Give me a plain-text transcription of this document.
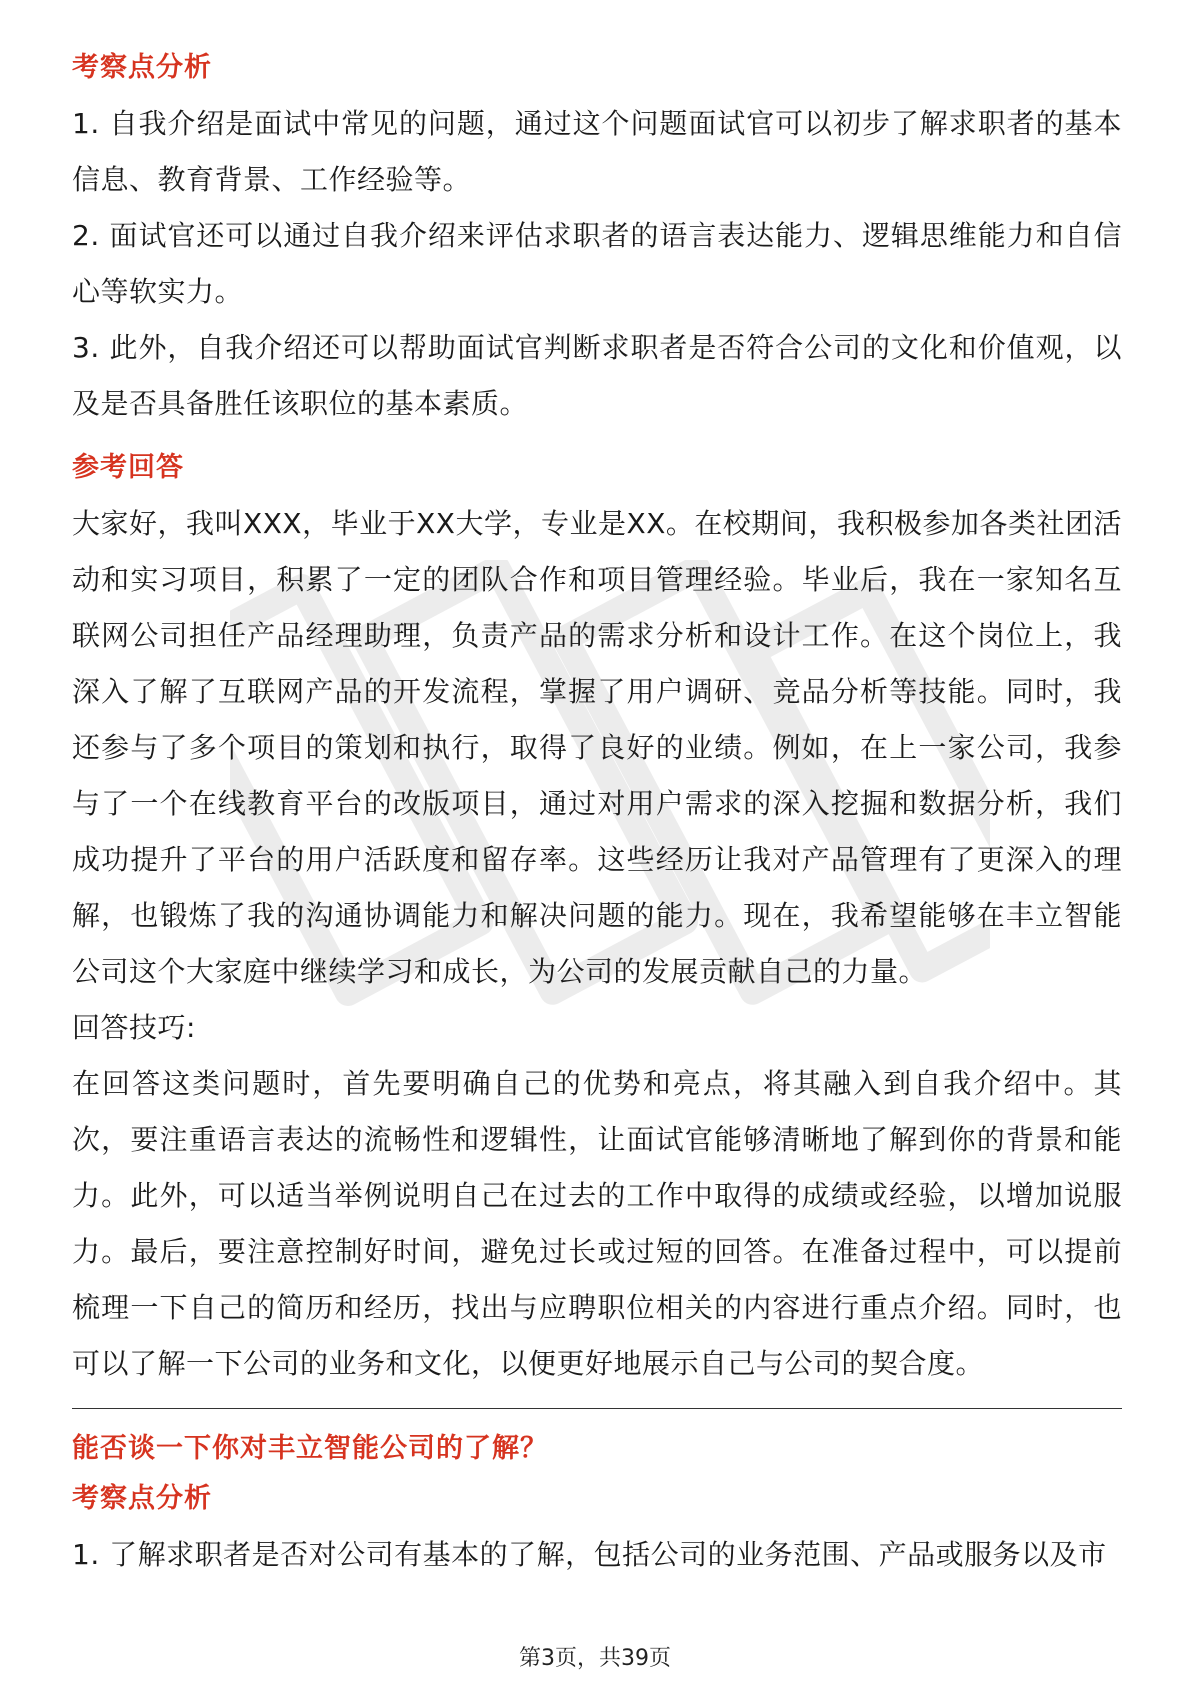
考察点分析

1. 自我介绍是面试中常见的问题，通过这个问题面试官可以初步了解求职者的基本信息、教育背景、工作经验等。

2. 面试官还可以通过自我介绍来评估求职者的语言表达能力、逻辑思维能力和自信心等软实力。

3. 此外，自我介绍还可以帮助面试官判断求职者是否符合公司的文化和价值观，以及是否具备胜任该职位的基本素质。

参考回答

大家好，我叫XXX，毕业于XX大学，专业是XX。在校期间，我积极参加各类社团活动和实习项目，积累了一定的团队合作和项目管理经验。毕业后，我在一家知名互联网公司担任产品经理助理，负责产品的需求分析和设计工作。在这个岗位上，我深入了解了互联网产品的开发流程，掌握了用户调研、竞品分析等技能。同时，我还参与了多个项目的策划和执行，取得了良好的业绩。例如，在上一家公司，我参与了一个在线教育平台的改版项目，通过对用户需求的深入挖掘和数据分析，我们成功提升了平台的用户活跃度和留存率。这些经历让我对产品管理有了更深入的理解，也锻炼了我的沟通协调能力和解决问题的能力。现在，我希望能够在丰立智能公司这个大家庭中继续学习和成长，为公司的发展贡献自己的力量。

回答技巧:

在回答这类问题时，首先要明确自己的优势和亮点，将其融入到自我介绍中。其次，要注重语言表达的流畅性和逻辑性，让面试官能够清晰地了解到你的背景和能力。此外，可以适当举例说明自己在过去的工作中取得的成绩或经验，以增加说服力。最后，要注意控制好时间，避免过长或过短的回答。在准备过程中，可以提前梳理一下自己的简历和经历，找出与应聘职位相关的内容进行重点介绍。同时，也可以了解一下公司的业务和文化，以便更好地展示自己与公司的契合度。

能否谈一下你对丰立智能公司的了解？
考察点分析

1. 了解求职者是否对公司有基本的了解，包括公司的业务范围、产品或服务以及市

第3页，共39页
